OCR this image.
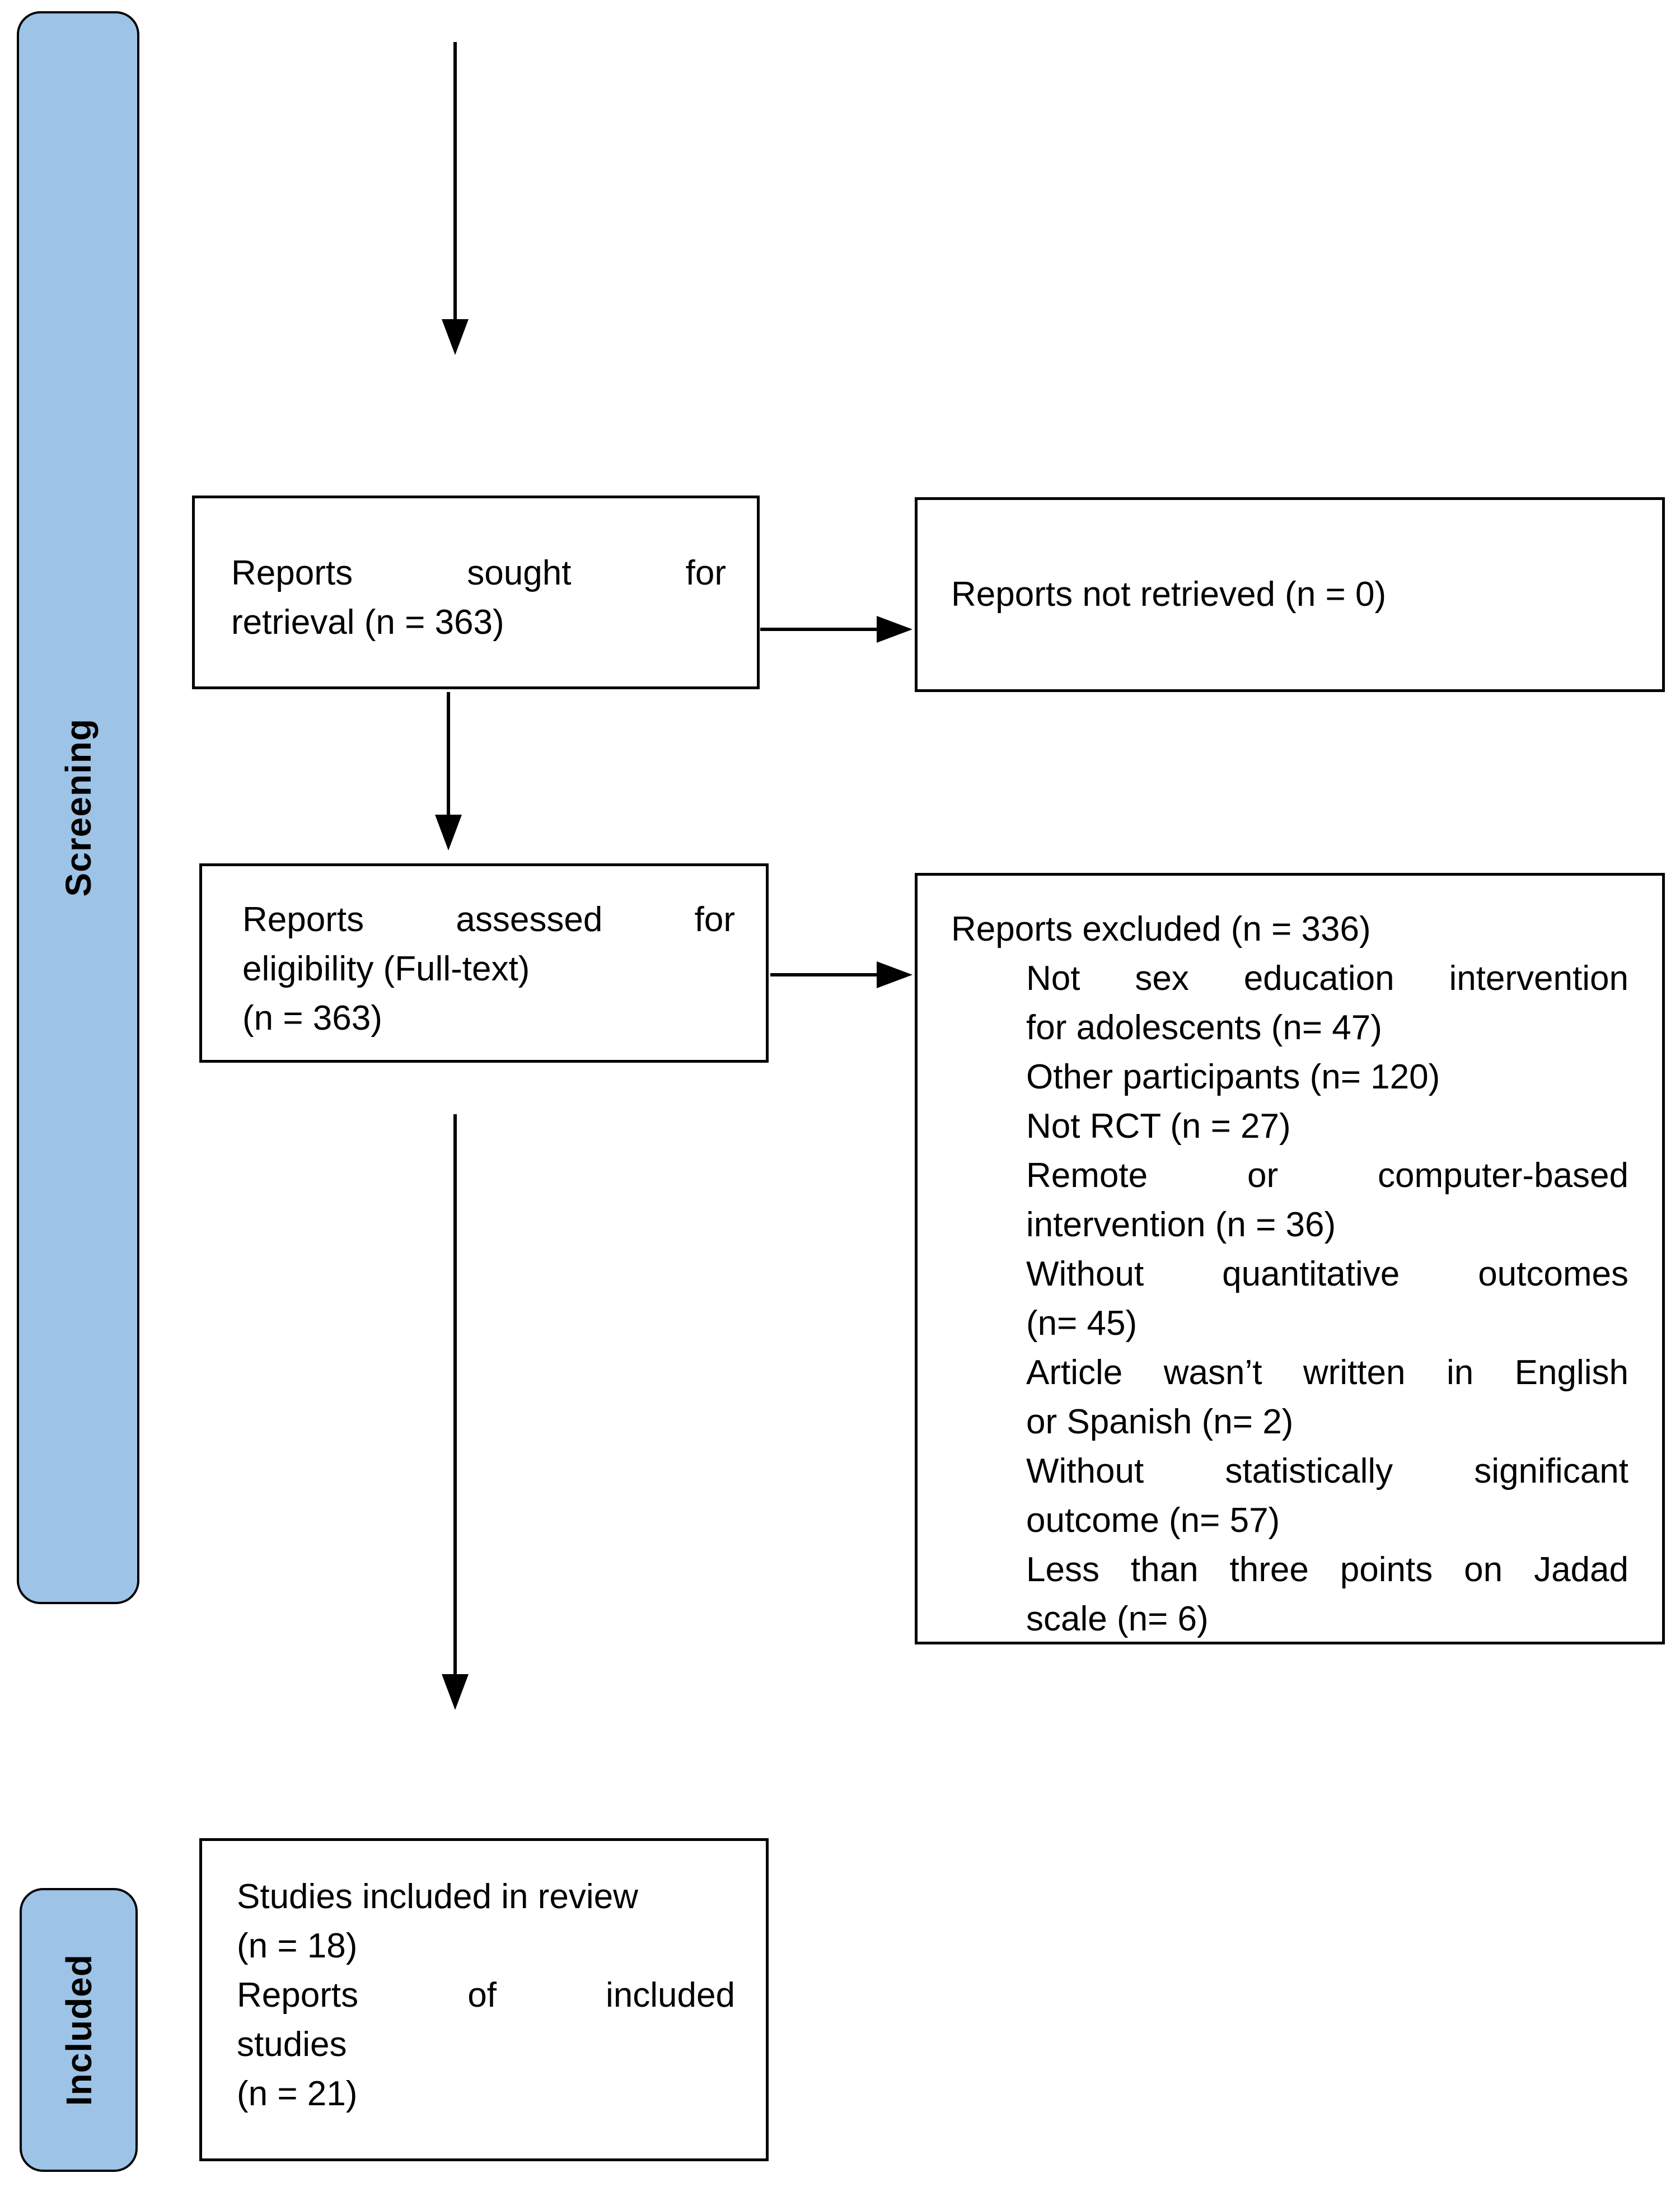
Screening
Included
Reports sought for
retrieval (n = 363)
Reports not retrieved (n = 0)
Reports assessed for
eligibility (Full-text)
(n = 363)
Reports excluded (n = 336)
Not sex education intervention
for adolescents (n= 47)
Other participants (n= 120)
Not RCT (n = 27)
Remote or computer-based
intervention (n = 36)
Without quantitative outcomes
(n= 45)
Article wasn’t written in English
or Spanish (n= 2)
Without statistically significant
outcome (n= 57)
Less than three points on Jadad
scale (n= 6)
Studies included in review
(n = 18)
Reports of included
studies
(n = 21)
